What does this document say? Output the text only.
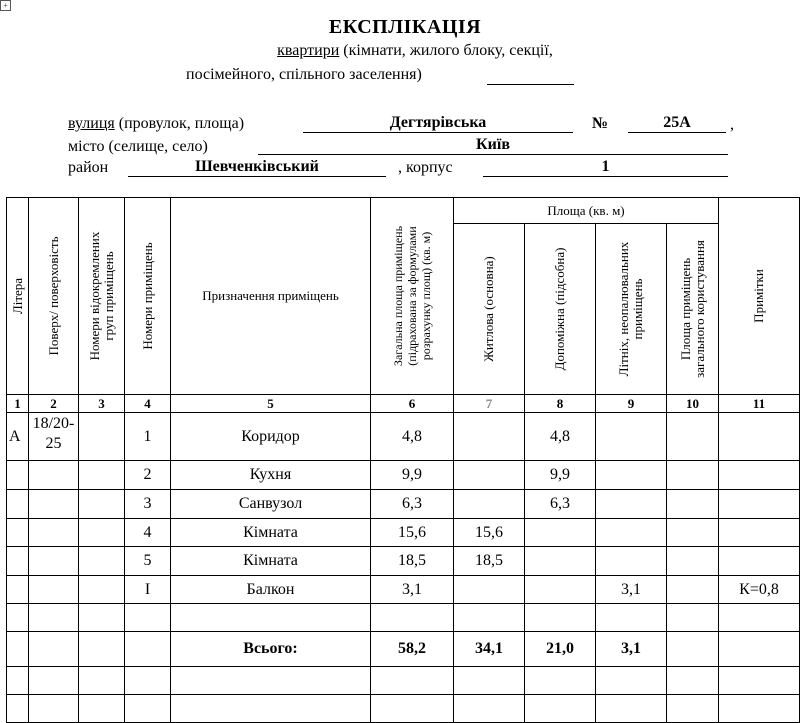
+
ЕКСПЛІКАЦІЯ
квартири (кімнати, жилого блоку, секції,
посімейного, спільного заселення)
вулиця (провулок, площа)	Дегтярівська	№	25А	,
місто (селище, село)	Київ
район	Шевченківський	, корпус	1
Літера	Поверх/ поверховість	Номери відокремлених груп приміщень	Номери приміщень	Призначення приміщень	Загальна площа приміщень (підрахована за формулами розрахунку площ) (кв. м)	Площа (кв. м)				Примітки

						Житлова (основна)	Допоміжна (підсобна)	Літніх, неопалювальних приміщень	Площа приміщень загального користування	

1	2	3	4	5	6	7	8	9	10	11
А	18/20-25		1	Коридор	4,8		4,8			
			2	Кухня	9,9		9,9			
			3	Санвузол	6,3		6,3			
			4	Кімната	15,6	15,6				
			5	Кімната	18,5	18,5				
			I	Балкон	3,1			3,1		К=0,8

				Всього:	58,2	34,1	21,0	3,1		
